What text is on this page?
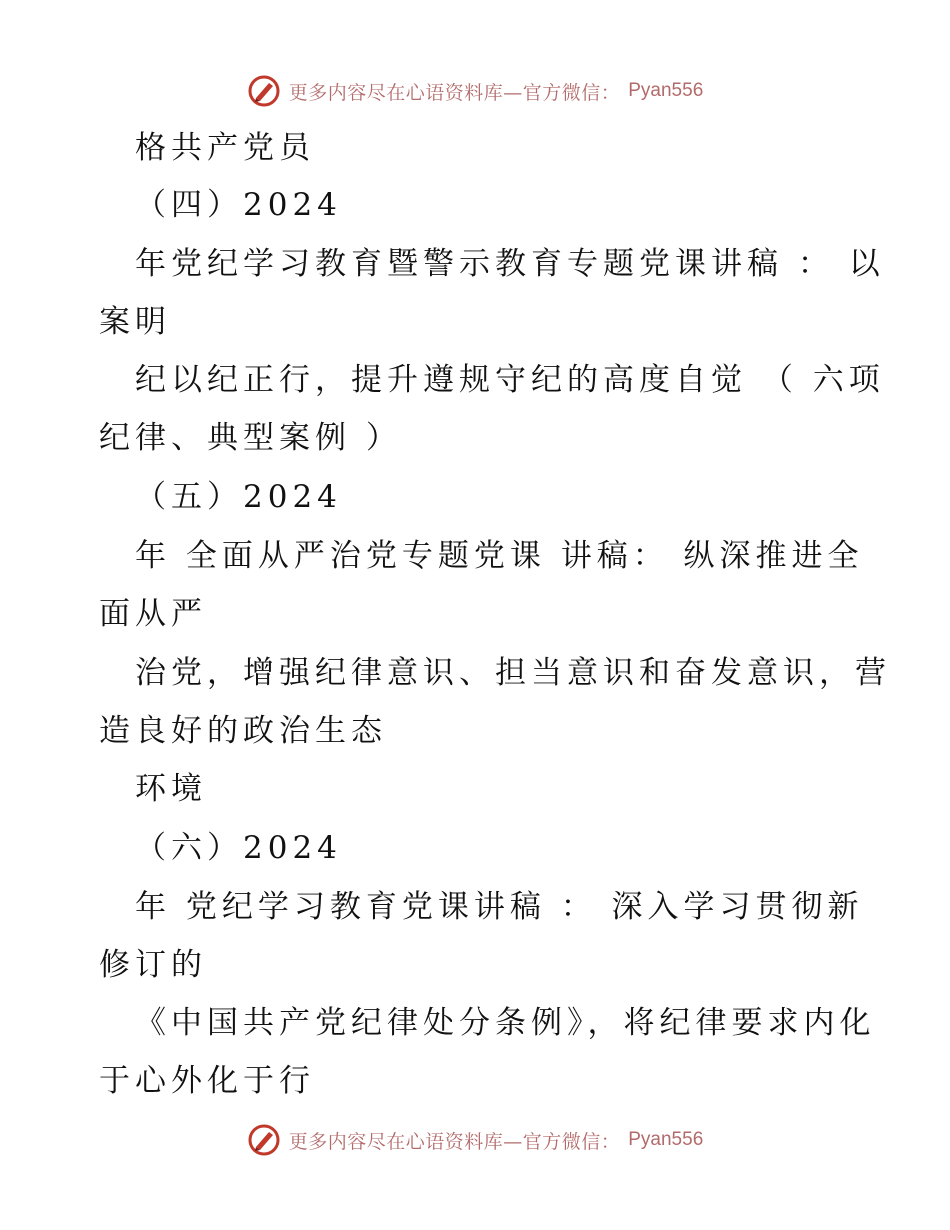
更多内容尽在心语资料库—官方微信： Pyan556
格共产党员
（四）2024
年党纪学习教育暨警示教育专题党课讲稿 ： 以
案明
纪以纪正行，提升遵规守纪的高度自觉 （ 六项
纪律、典型案例 ）
（五）2024
年 全面从严治党专题党课 讲稿： 纵深推进全
面从严
治党，增强纪律意识、担当意识和奋发意识，营
造良好的政治生态
环境
（六）2024
年 党纪学习教育党课讲稿 ： 深入学习贯彻新
修订的
《中国共产党纪律处分条例》，将纪律要求内化
于心外化于行
更多内容尽在心语资料库—官方微信： Pyan556
